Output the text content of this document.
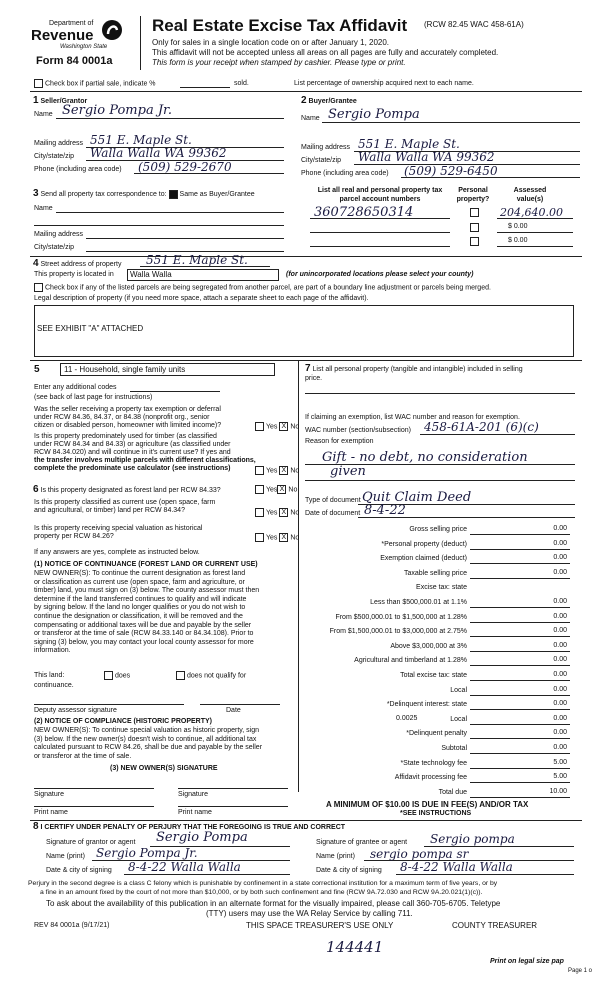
Department of
Revenue
Washington State
Form 84 0001a
Real Estate Excise Tax Affidavit (RCW 82.45 WAC 458-61A)
Only for sales in a single location code on or after January 1, 2020.
This affidavit will not be accepted unless all areas on all pages are fully and accurately completed.
This form is your receipt when stamped by cashier. Please type or print.
Check box if partial sale, indicate %	sold.	List percentage of ownership acquired next to each name.
1 Seller/Grantor
Name Sergio Pompa Jr.
Mailing address 551 E. Maple St.
City/state/zip Walla Walla WA 99362
Phone (including area code) (509) 529-2670
2 Buyer/Grantee
Name Sergio Pompa
Mailing address 551 E. Maple St.
City/state/zip Walla Walla WA 99362
Phone (including area code) (509) 529-6450
3 Send all property tax correspondence to: Same as Buyer/Grantee
Name
Mailing address
City/state/zip
List all real and personal property tax parcel account numbers
Personal property?
Assessed value(s)
360728650314	204,640.00
$ 0.00
$ 0.00
4 Street address of property 551 E. Maple St.
This property is located in	Walla Walla	(for unincorporated locations please select your county)
Check box if any of the listed parcels are being segregated from another parcel, are part of a boundary line adjustment or parcels being merged.
Legal description of property (if you need more space, attach a separate sheet to each page of the affidavit).
SEE EXHIBIT "A" ATTACHED
5	11 - Household, single family units
Enter any additional codes
(see back of last page for instructions)
Was the seller receiving a property tax exemption or deferral
under RCW 84.36, 84.37, or 84.38 (nonprofit org., senior
citizen or disabled person, homeowner with limited income)?	Yes X No
Is this property predominately used for timber (as classified
under RCW 84.34 and 84.33) or agriculture (as classified under
RCW 84.34.020) and will continue in it's current use? If yes and
the transfer involves multiple parcels with different classifications,
complete the predominate use calculator (see instructions)	Yes X No
6 Is this property designated as forest land per RCW 84.33?	Yes X No
Is this property classified as current use (open space, farm
and agricultural, or timber) land per RCW 84.34?	Yes X No
Is this property receiving special valuation as historical
property per RCW 84.26?	Yes X No
If any answers are yes, complete as instructed below.
(1) NOTICE OF CONTINUANCE (FOREST LAND OR CURRENT USE)
NEW OWNER(S): To continue the current designation as forest land
or classification as current use (open space, farm and agriculture, or
timber) land, you must sign on (3) below. The county assessor must then
determine if the land transferred continues to qualify and will indicate
by signing below. If the land no longer qualifies or you do not wish to
continue the designation or classification, it will be removed and the
compensating or additional taxes will be due and payable by the seller
or transferor at the time of sale (RCW 84.33.140 or 84.34.108). Prior to
signing (3) below, you may contact your local county assessor for more
information.
This land:	does	does not qualify for
continuance.
Deputy assessor signature	Date
(2) NOTICE OF COMPLIANCE (HISTORIC PROPERTY)
NEW OWNER(S): To continue special valuation as historic property, sign
(3) below. If the new owner(s) doesn't wish to continue, all additional tax
calculated pursuant to RCW 84.26, shall be due and payable by the seller
or transferor at the time of sale.
(3) NEW OWNER(S) SIGNATURE
Signature	Signature
Print name	Print name
7 List all personal property (tangible and intangible) included in selling
price.
If claiming an exemption, list WAC number and reason for exemption.
WAC number (section/subsection) 458-61A-201 (6)(c)
Reason for exemption
Gift - no debt, no consideration
given
Type of document Quit Claim Deed
Date of document 8-4-22
Gross selling price	0.00
*Personal property (deduct)	0.00
Exemption claimed (deduct)	0.00
Taxable selling price	0.00
Excise tax: state
Less than $500,000.01 at 1.1%	0.00
From $500,000.01 to $1,500,000 at 1.28%	0.00
From $1,500,000.01 to $3,000,000 at 2.75%	0.00
Above $3,000,000 at 3%	0.00
Agricultural and timberland at 1.28%	0.00
Total excise tax: state	0.00
Local	0.00
*Delinquent interest: state	0.00
Local	0.00
*Delinquent penalty	0.00
Subtotal	0.00
*State technology fee	5.00
Affidavit processing fee	5.00
Total due	10.00
0.0025
A MINIMUM OF $10.00 IS DUE IN FEE(S) AND/OR TAX
*SEE INSTRUCTIONS
8 I CERTIFY UNDER PENALTY OF PERJURY THAT THE FOREGOING IS TRUE AND CORRECT
Signature of grantor or agent Sergio Pompa
Name (print) Sergio Pompa Jr.
Date & city of signing 8-4-22 Walla Walla
Signature of grantee or agent Sergio pompa
Name (print) sergio pompa sr
Date & city of signing 8-4-22 Walla Walla
Perjury in the second degree is a class C felony which is punishable by confinement in a state correctional institution for a maximum term of five years, or by
a fine in an amount fixed by the court of not more than $10,000, or by both such confinement and fine (RCW 9A.72.030 and RCW 9A.20.021(1)(c)).
To ask about the availability of this publication in an alternate format for the visually impaired, please call 360-705-6705. Teletype
(TTY) users may use the WA Relay Service by calling 711.
REV 84 0001a (9/17/21)	THIS SPACE TREASURER'S USE ONLY	COUNTY TREASURER
144441
Print on legal size pap
Page 1 o
